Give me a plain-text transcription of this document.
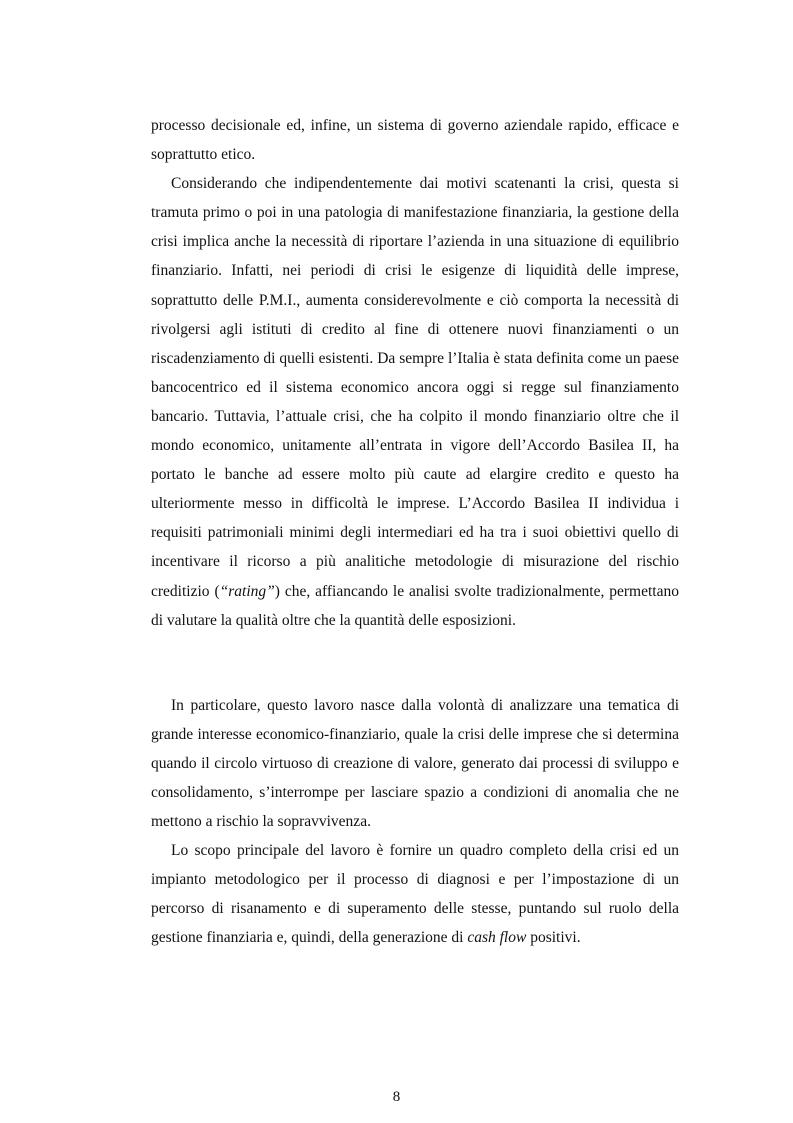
processo decisionale ed, infine, un sistema di governo aziendale rapido, efficace e soprattutto etico.

Considerando che indipendentemente dai motivi scatenanti la crisi, questa si tramuta primo o poi in una patologia di manifestazione finanziaria, la gestione della crisi implica anche la necessità di riportare l’azienda in una situazione di equilibrio finanziario. Infatti, nei periodi di crisi le esigenze di liquidità delle imprese, soprattutto delle P.M.I., aumenta considerevolmente e ciò comporta la necessità di rivolgersi agli istituti di credito al fine di ottenere nuovi finanziamenti o un riscadenziamento di quelli esistenti. Da sempre l’Italia è stata definita come un paese bancocentrico ed il sistema economico ancora oggi si regge sul finanziamento bancario. Tuttavia, l’attuale crisi, che ha colpito il mondo finanziario oltre che il mondo economico, unitamente all’entrata in vigore dell’Accordo Basilea II, ha portato le banche ad essere molto più caute ad elargire credito e questo ha ulteriormente messo in difficoltà le imprese. L’Accordo Basilea II individua i requisiti patrimoniali minimi degli intermediari ed ha tra i suoi obiettivi quello di incentivare il ricorso a più analitiche metodologie di misurazione del rischio creditizio (“rating”) che, affiancando le analisi svolte tradizionalmente, permettano di valutare la qualità oltre che la quantità delle esposizioni.

In particolare, questo lavoro nasce dalla volontà di analizzare una tematica di grande interesse economico-finanziario, quale la crisi delle imprese che si determina quando il circolo virtuoso di creazione di valore, generato dai processi di sviluppo e consolidamento, s’interrompe per lasciare spazio a condizioni di anomalia che ne mettono a rischio la sopravvivenza.

Lo scopo principale del lavoro è fornire un quadro completo della crisi ed un impianto metodologico per il processo di diagnosi e per l’impostazione di un percorso di risanamento e di superamento delle stesse, puntando sul ruolo della gestione finanziaria e, quindi, della generazione di cash flow positivi.

8
